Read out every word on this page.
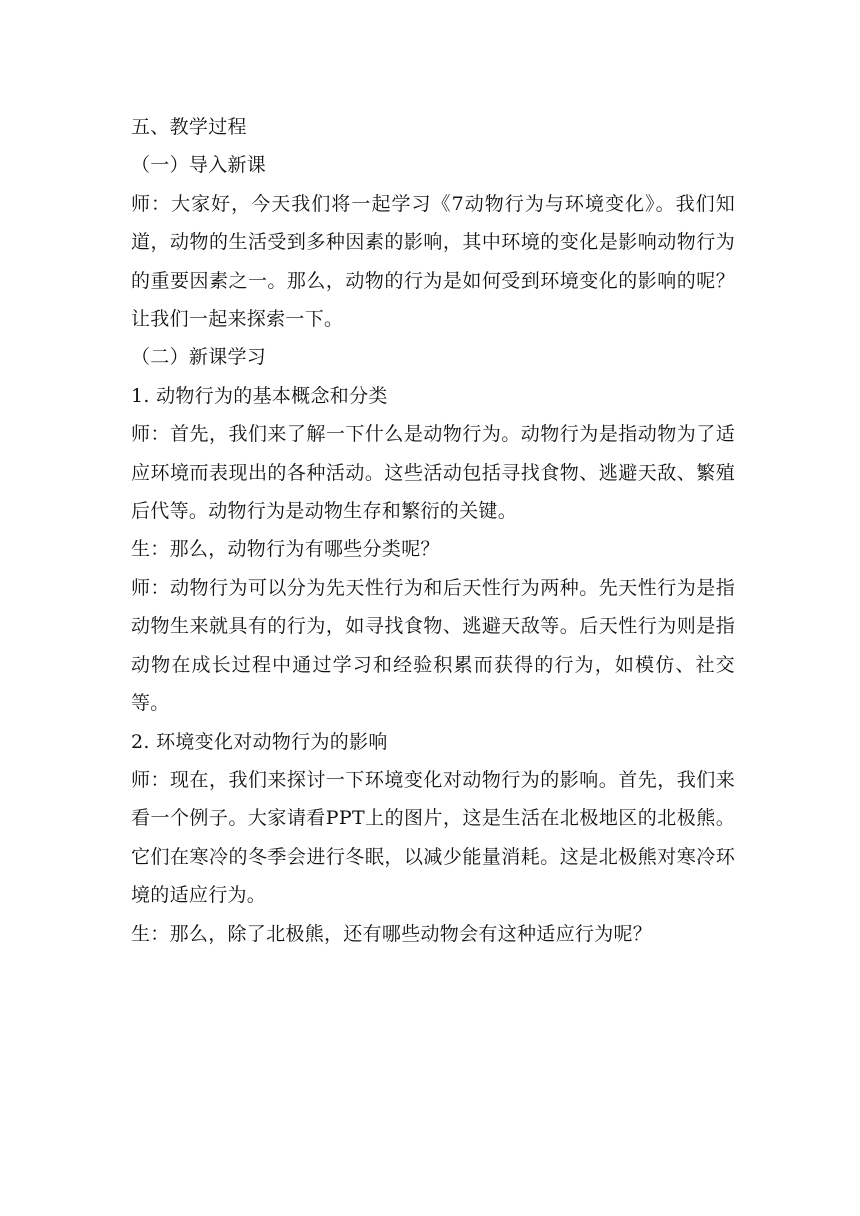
五、教学过程

（一）导入新课

师：大家好，今天我们将一起学习《7动物行为与环境变化》。我们知道，动物的生活受到多种因素的影响，其中环境的变化是影响动物行为的重要因素之一。那么，动物的行为是如何受到环境变化的影响的呢？让我们一起来探索一下。

（二）新课学习

1. 动物行为的基本概念和分类

师：首先，我们来了解一下什么是动物行为。动物行为是指动物为了适应环境而表现出的各种活动。这些活动包括寻找食物、逃避天敌、繁殖后代等。动物行为是动物生存和繁衍的关键。

生：那么，动物行为有哪些分类呢？

师：动物行为可以分为先天性行为和后天性行为两种。先天性行为是指动物生来就具有的行为，如寻找食物、逃避天敌等。后天性行为则是指动物在成长过程中通过学习和经验积累而获得的行为，如模仿、社交等。

2. 环境变化对动物行为的影响

师：现在，我们来探讨一下环境变化对动物行为的影响。首先，我们来看一个例子。大家请看PPT上的图片，这是生活在北极地区的北极熊。它们在寒冷的冬季会进行冬眠，以减少能量消耗。这是北极熊对寒冷环境的适应行为。

生：那么，除了北极熊，还有哪些动物会有这种适应行为呢？
